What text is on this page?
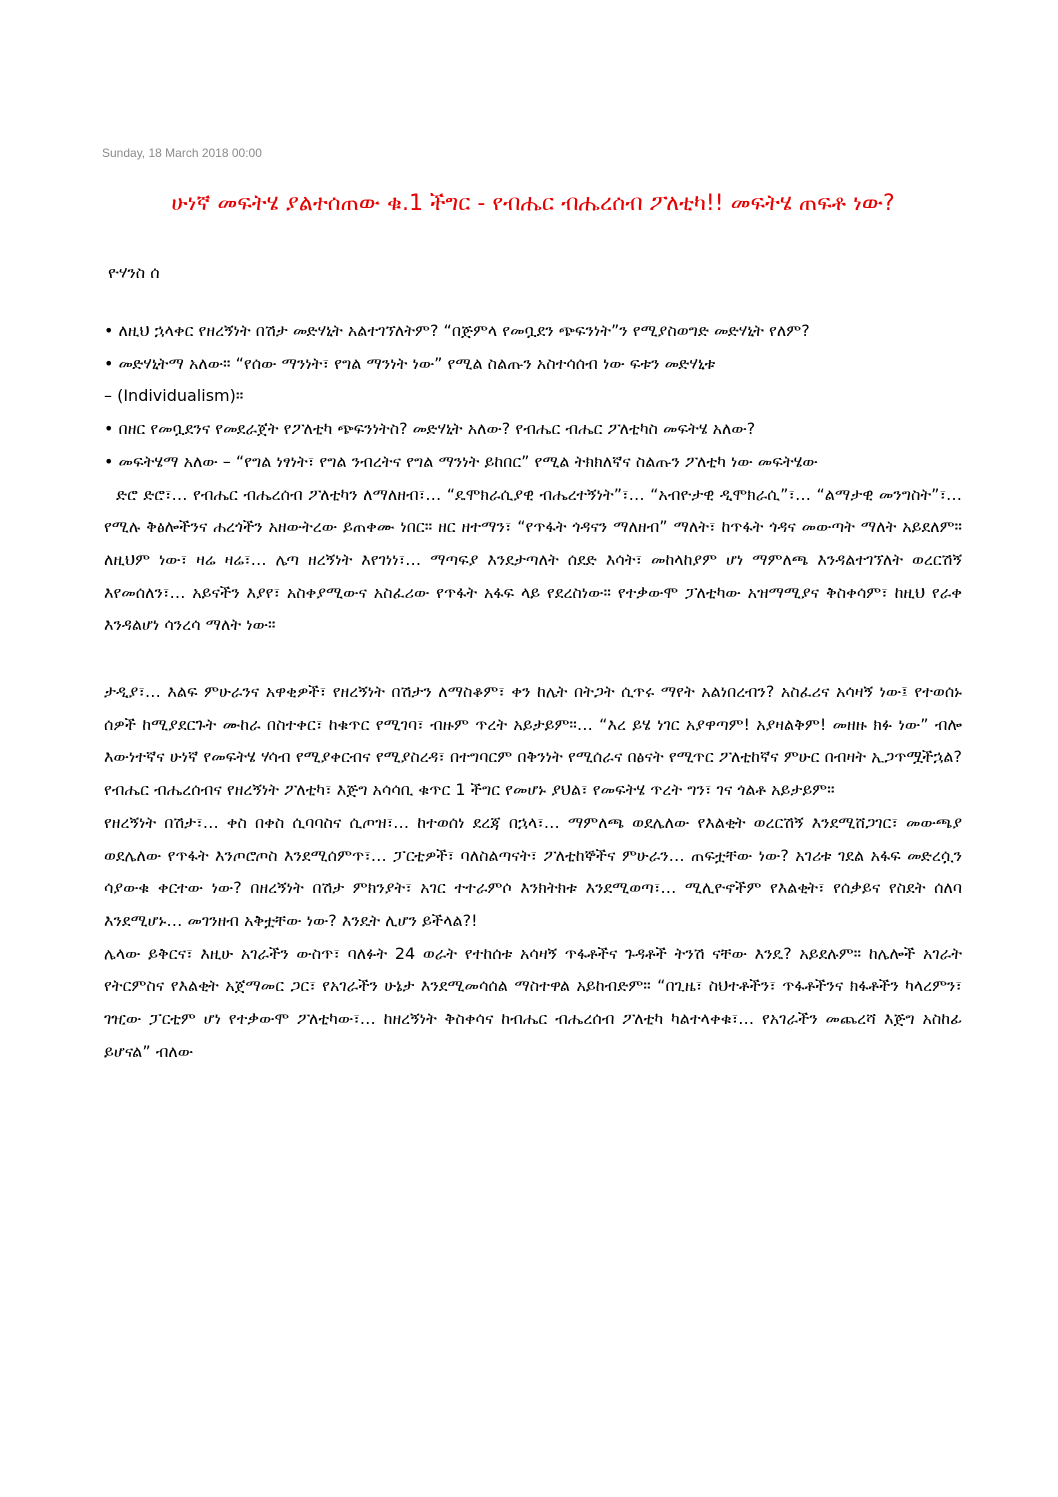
Sunday, 18 March 2018 00:00
ሁነኛ መፍትሄ ያልተሰጠው ቁ.1 ችግር - የብሔር ብሔረሰብ ፖለቲካ!! መፍትሄ ጠፍቶ ነው?
ዮሃንስ ሰ

• ለዚህ ኋላቀር የዘረኝነት በሽታ መድሃኒት አልተገኘለትም? “በጅምላ የመቧደን ጭፍንነት”ን የሚያስወግድ መድሃኒት የለም?

• መድሃኒትማ አለው። “የሰው ማንነት፣ የግል ማንነት ነው” የሚል ስልጡን አስተሳሰብ ነው ፍቱን መድሃኒቱ

– (Individualism)።

• በዘር የመቧደንና የመደራጀት የፖለቲካ ጭፍንነትስ? መድሃኒት አለው? የብሔር ብሔር ፖለቲካስ መፍትሄ አለው?

• መፍትሄማ አለው – “የግል ነፃነት፣ የግል ንብረትና የግል ማንነት ይከበር” የሚል ትክክለኛና ስልጡን ፖለቲካ ነው መፍትሄው

ድሮ ድሮ፣… የብሔር ብሔረሰብ ፖለቲካን ለማለዘብ፣… “ዴሞክራሲያዊ ብሔረተኝነት”፣… “አብዮታዊ ዲሞክራሲ”፣… “ልማታዊ መንግስት”፣… የሚሉ ቅፅሎችንና ሐረጎችን አዘውትረው ይጠቀሙ ነበር። ዘር ዘተማን፣ “የጥፋት ጎዳናን ማለዘብ” ማለት፣ ከጥፋት ጎዳና መውጣት ማለት አይደለም። ለዚህም ነው፣ ዛሬ ዛሬ፣… ሌጣ ዘረኝነት እየገነነ፣… ማጣፍያ እንደታጣለት ሰደድ እሳት፣ መከላከያም ሆነ ማምለጫ እንዳልተገኘለት ወረርሽኝ እየመሰለን፣… አይናችን እያየ፣ አስቀያሚውና አስፈሪው የጥፋት አፋፍ ላይ የደረስነው። የተቃውሞ ፓለቲካው አዝማሚያና ቅስቀሳም፣ ከዚህ የራቀ እንዳልሆነ ሳንረሳ ማለት ነው።

ታዲያ፣… እልፍ ምሁራንና አዋቂዎች፣ የዘረኝነት በሽታን ለማስቆም፣ ቀን ከሌት በትጋት ሲጥሩ ማየት አልነበረብን? አስፈሪና አሳዛኝ ነው፤ የተወሰኑ ሰዎች ከሚያደርጉት ሙከራ በስተቀር፣ ከቁጥር የሚገባ፣ ብዙም ጥረት አይታይም።… “እረ ይሄ ነገር አያዋጣም! አያዛልቅም! መዘዙ ክፉ ነው” ብሎ እውነተኛና ሁነኛ የመፍትሄ ሃሳብ የሚያቀርብና የሚያስረዳ፣ በተግባርም በቅንነት የሚሰራና በፅናት የሚጥር ፖለቲከኛና ምሁር በብዛት ኢጋጥሟችኋል? የብሔር ብሔረሰብና የዘረኝነት ፖለቲካ፣ እጅግ አሳሳቢ ቁጥር 1 ችግር የመሆኑ ያህል፣ የመፍትሄ ጥረት ግን፣ ገና ጎልቶ አይታይም።

የዘረኝነት በሽታ፣… ቀስ በቀስ ሲባባስና ሲጦዝ፣… ከተወሰነ ደረጃ በኋላ፣… ማምለጫ ወደሌለው የእልቂት ወረርሽኝ እንደሚሸጋገር፣ መውጫያ ወደሌለው የጥፋት እንጦሮጦስ እንደሚሰምጥ፣… ፓርቲዎች፣ ባለስልጣናት፣ ፖለቲከኞችና ምሁራን… ጠፍቷቸው ነው? አገሪቱ ገደል አፋፍ መድረሷን ሳያውቁ ቀርተው ነው? በዘረኝነት በሽታ ምክንያት፣ አገር ተተራምሶ እንክትክቱ እንደሚወጣ፣… ሚሊዮኖችም የእልቂት፣ የሰቃይና የስደት ሰለባ እንደሚሆኑ… መገንዘብ አቅቷቸው ነው? እንዴት ሊሆን ይችላል?!

ሌላው ይቅርና፣ እዚሁ አገራችን ውስጥ፣ ባለፉት 24 ወራት የተከሰቱ አሳዛኝ ጥፋቶችና ጉዳቶች ትንሽ ናቸው እንዴ? አይደሉም። ከሌሎች አገራት የትርምስና የእልቂት አጀማመር ጋር፣ የአገራችን ሁኔታ እንደሚመሳሰል ማስተዋል አይከብድም። “በጊዜ፣ ስህተቶችን፣ ጥፋቶችንና ክፋቶችን ካላረምን፣ ገዢው ፓርቲም ሆነ የተቃውሞ ፖለቲካው፣… ከዘረኝነት ቅስቀሳና ከብሔር ብሔረሰብ ፖለቲካ ካልተላቀቁ፣… የአገራችን መጨረሻ እጅግ አስከፊ ይሆናል” ብለው
